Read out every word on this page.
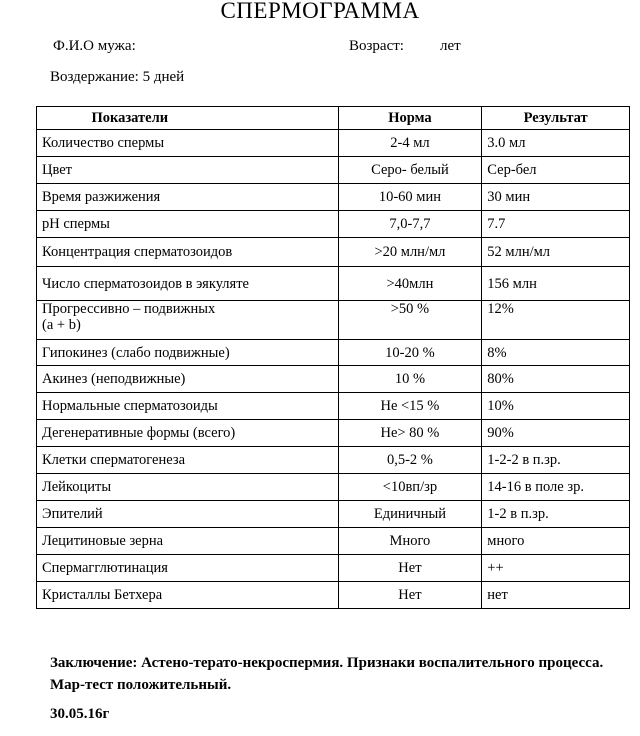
СПЕРМОГРАММА
Ф.И.О мужа:	Возраст: лет
Воздержание: 5 дней
Показатели	Норма	Результат
Количество спермы	2-4 мл	3.0 мл
Цвет	Серо- белый	Сер-бел
Время разжижения	10-60 мин	30 мин
pH спермы	7,0-7,7	7.7
Концентрация сперматозоидов	>20 млн/мл	52 млн/мл
Число сперматозоидов в эякуляте	>40млн	156 млн
Прогрессивно – подвижных
(a + b)	>50 %	12%
Гипокинез (слабо подвижные)	10-20 %	8%
Акинез (неподвижные)	10 %	80%
Нормальные сперматозоиды	Не <15 %	10%
Дегенеративные формы (всего)	Не> 80 %	90%
Клетки сперматогенеза	0,5-2 %	1-2-2 в п.зр.
Лейкоциты	<10вп/зр	14-16 в поле зр.
Эпителий	Единичный	1-2 в п.зр.
Лецитиновые зерна	Много	много
Спермагглютинация	Нет	++
Кристаллы Бетхера	Нет	нет
Заключение: Астено-терато-некроспермия. Признаки воспалительного процесса. Мар-тест положительный.
30.05.16г
